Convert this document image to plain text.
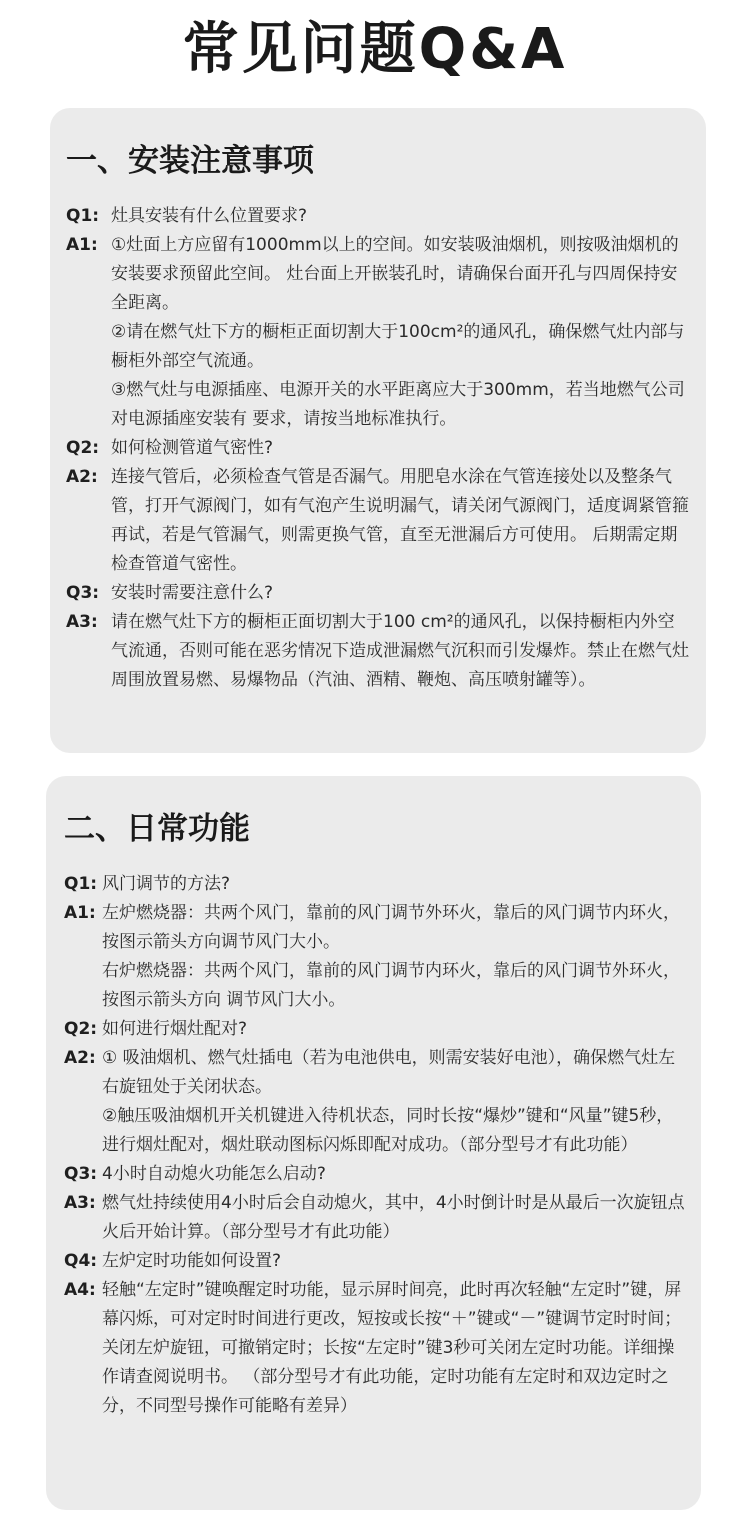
常见问题Q&A
一、安装注意事项
Q1: 灶具安装有什么位置要求?

A1: ①灶面上方应留有1000mm以上的空间。如安装吸油烟机，则按吸油烟机的安装要求预留此空间。 灶台面上开嵌装孔时，请确保台面开孔与四周保持安全距离。

②请在燃气灶下方的橱柜正面切割大于100cm²的通风孔，确保燃气灶内部与橱柜外部空气流通。

③燃气灶与电源插座、电源开关的水平距离应大于300mm，若当地燃气公司对电源插座安装有 要求，请按当地标准执行。

Q2: 如何检测管道气密性?

A2: 连接气管后，必须检查气管是否漏气。用肥皂水涂在气管连接处以及整条气管，打开气源阀门，如有气泡产生说明漏气，请关闭气源阀门，适度调紧管箍再试，若是气管漏气，则需更换气管，直至无泄漏后方可使用。 后期需定期检查管道气密性。

Q3: 安装时需要注意什么?

A3: 请在燃气灶下方的橱柜正面切割大于100 cm²的通风孔，以保持橱柜内外空气流通，否则可能在恶劣情况下造成泄漏燃气沉积而引发爆炸。禁止在燃气灶周围放置易燃、易爆物品（汽油、酒精、鞭炮、高压喷射罐等）。

二、日常功能
Q1: 风门调节的方法?

A1: 左炉燃烧器：共两个风门，靠前的风门调节外环火，靠后的风门调节内环火，按图示箭头方向调节风门大小。

右炉燃烧器：共两个风门，靠前的风门调节内环火，靠后的风门调节外环火，按图示箭头方向 调节风门大小。

Q2: 如何进行烟灶配对?

A2: ① 吸油烟机、燃气灶插电（若为电池供电，则需安装好电池），确保燃气灶左右旋钮处于关闭状态。

②触压吸油烟机开关机键进入待机状态，同时长按“爆炒”键和“风量”键5秒，进行烟灶配对，烟灶联动图标闪烁即配对成功。（部分型号才有此功能）

Q3: 4小时自动熄火功能怎么启动?

A3: 燃气灶持续使用4小时后会自动熄火，其中，4小时倒计时是从最后一次旋钮点火后开始计算。（部分型号才有此功能）

Q4: 左炉定时功能如何设置?

A4: 轻触“左定时”键唤醒定时功能，显示屏时间亮，此时再次轻触“左定时”键，屏幕闪烁，可对定时时间进行更改，短按或长按“＋”键或“－”键调节定时时间；关闭左炉旋钮，可撤销定时；长按“左定时”键3秒可关闭左定时功能。详细操作请查阅说明书。 （部分型号才有此功能，定时功能有左定时和双边定时之分，不同型号操作可能略有差异）
